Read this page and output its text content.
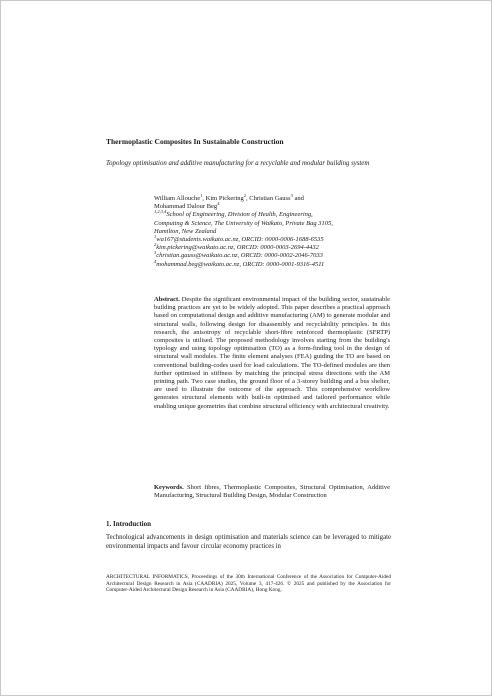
Thermoplastic Composites In Sustainable Construction
Topology optimisation and additive manufacturing for a recyclable and modular building system
William Allouche$^1$, Kim Pickering$^2$, Christian Gauss$^3$ and
Mohammad Dalour Beg$^4$
$^{1,2,3,4}$School of Engineering, Division of Health, Engineering,
Computing & Science, The University of Waikato, Private Bag 3105,
Hamilton, New Zealand
$^1$wa167@students.waikato.ac.nz, ORCID: 0000-0006-1688-6535
$^2$kim.pickering@waikato.ac.nz, ORCID: 0000-0003-2694-4432
$^3$christian.gauss@waikato.ac.nz, ORCID: 0000-0002-2046-7033
$^4$mohammad.beg@waikato.ac.nz, ORCID: 0000-0001-9316-4511
Abstract. Despite the significant environmental impact of the building sector, sustainable building practices are yet to be widely adopted. This paper describes a practical approach based on computational design and additive manufacturing (AM) to generate modular and structural walls, following design for disassembly and recyclability principles. In this research, the anisotropy of recyclable short-fibre reinforced thermoplastic (SFRTP) composites is utilised. The proposed methodology involves starting from the building's typology and using topology optimisation (TO) as a form-finding tool in the design of structural wall modules. The finite element analyses (FEA) guiding the TO are based on conventional building-codes used for load calculations. The TO-defined modules are then further optimised in stiffness by matching the principal stress directions with the AM printing path. Two case studies, the ground floor of a 3-storey building and a bus shelter, are used to illustrate the outcome of the approach. This comprehensive workflow generates structural elements with built-in optimised and tailored performance while enabling unique geometries that combine structural efficiency with architectural creativity.
Keywords. Short fibres, Thermoplastic Composites, Structural Optimisation, Additive Manufacturing, Structural Building Design, Modular Construction
1. Introduction
Technological advancements in design optimisation and materials science can be leveraged to mitigate environmental impacts and favour circular economy practices in
ARCHITECTURAL INFORMATICS, Proceedings of the 30th International Conference of the Association for Computer-Aided Architectural Design Research in Asia (CAADRIA) 2025, Volume 3, 417-426. © 2025 and published by the Association for Computer-Aided Architectural Design Research in Asia (CAADRIA), Hong Kong.
